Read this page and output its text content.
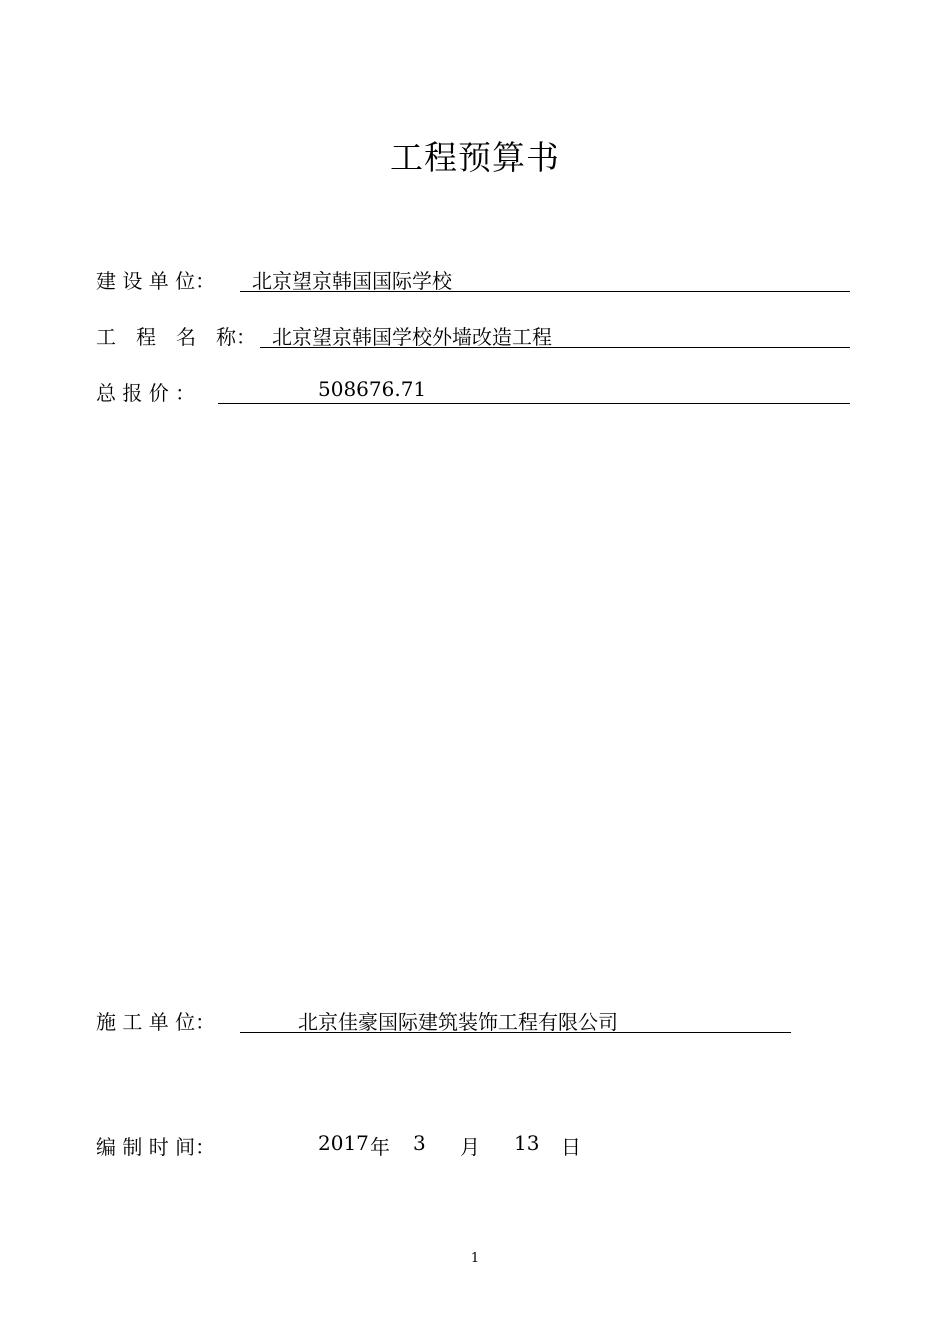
工程预算书
建 设 单 位： 北京望京韩国国际学校
工　程　名　称： 北京望京韩国学校外墙改造工程
总 报 价 ：	508676.71
施 工 单 位：	北京佳豪国际建筑装饰工程有限公司
编 制 时 间：	2017 年 3 月 13 日
1
